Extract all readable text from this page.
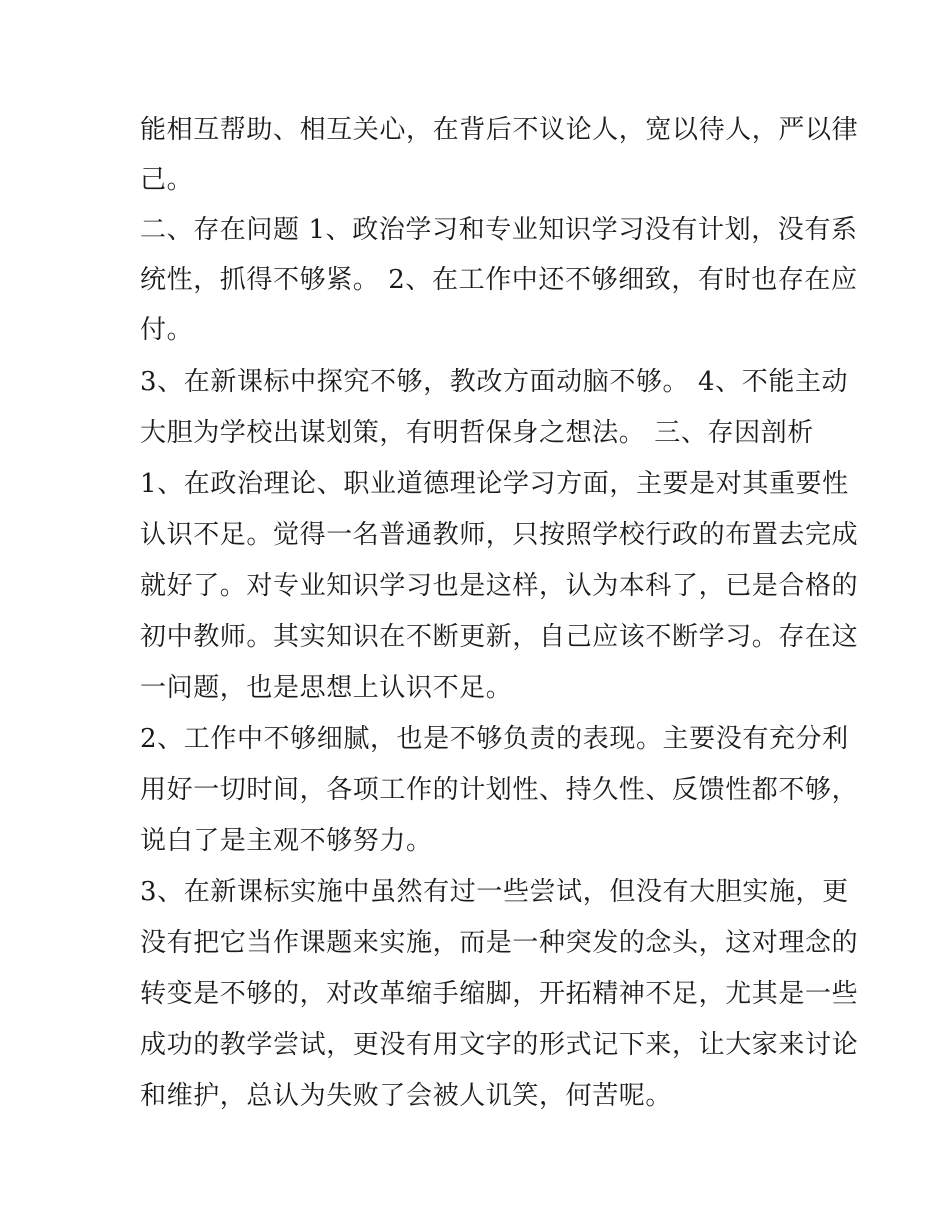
能相互帮助、相互关心，在背后不议论人，宽以待人，严以律
己。
二、存在问题 1、政治学习和专业知识学习没有计划，没有系
统性，抓得不够紧。 2、在工作中还不够细致，有时也存在应
付。
3、在新课标中探究不够，教改方面动脑不够。 4、不能主动
大胆为学校出谋划策，有明哲保身之想法。 三、存因剖析
1、在政治理论、职业道德理论学习方面，主要是对其重要性
认识不足。觉得一名普通教师，只按照学校行政的布置去完成
就好了。对专业知识学习也是这样，认为本科了，已是合格的
初中教师。其实知识在不断更新，自己应该不断学习。存在这
一问题，也是思想上认识不足。
2、工作中不够细腻，也是不够负责的表现。主要没有充分利
用好一切时间，各项工作的计划性、持久性、反馈性都不够，
说白了是主观不够努力。
3、在新课标实施中虽然有过一些尝试，但没有大胆实施，更
没有把它当作课题来实施，而是一种突发的念头，这对理念的
转变是不够的，对改革缩手缩脚，开拓精神不足，尤其是一些
成功的教学尝试，更没有用文字的形式记下来，让大家来讨论
和维护，总认为失败了会被人讥笑，何苦呢。
